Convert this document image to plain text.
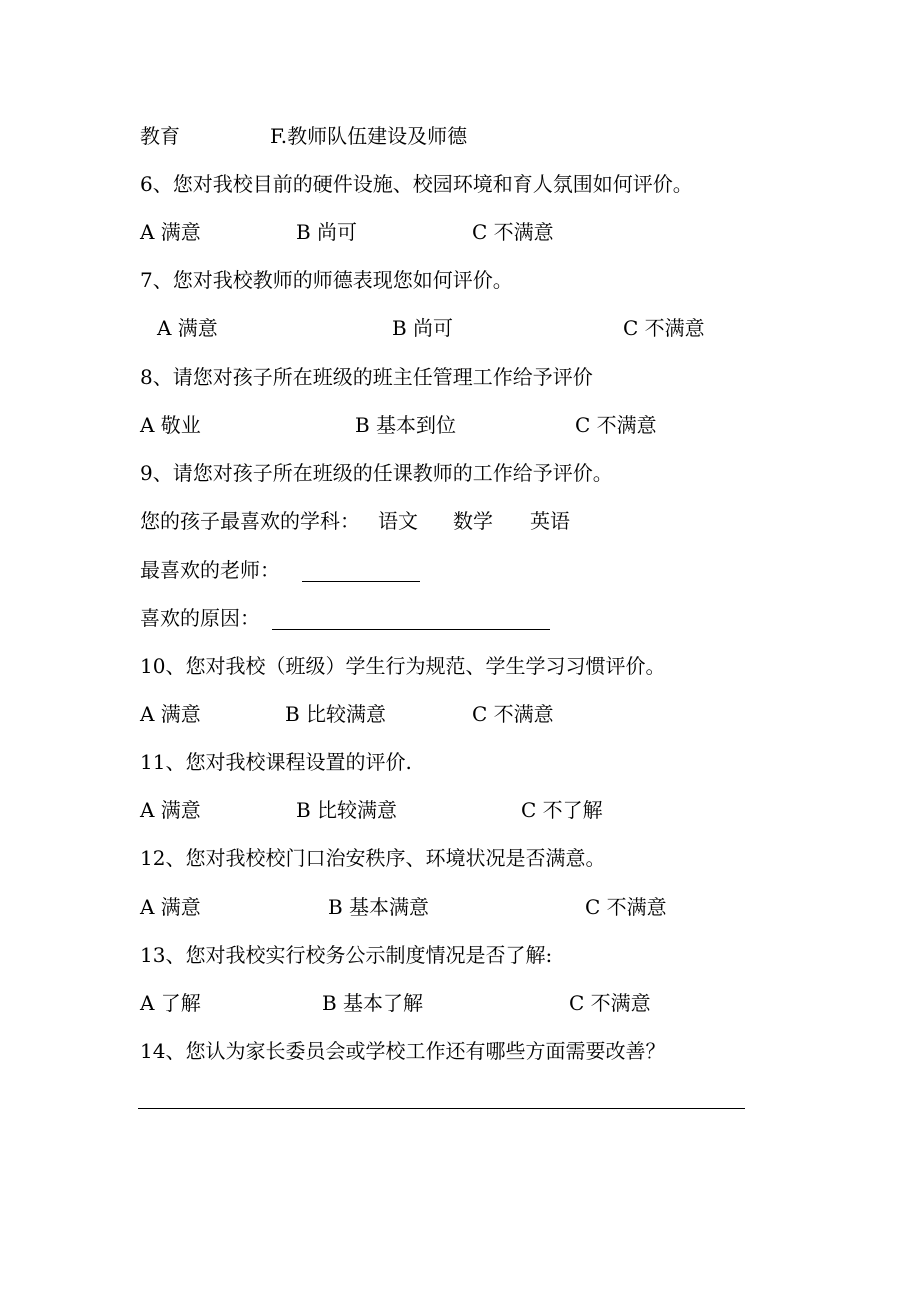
教育	F.教师队伍建设及师德
6、您对我校目前的硬件设施、校园环境和育人氛围如何评价。
A 满意	B 尚可	C 不满意
7、您对我校教师的师德表现您如何评价。
A 满意	B 尚可	C 不满意
8、请您对孩子所在班级的班主任管理工作给予评价
A 敬业	B 基本到位	C 不满意
9、请您对孩子所在班级的任课教师的工作给予评价。
您的孩子最喜欢的学科： 语文 数学 英语
最喜欢的老师：
喜欢的原因：
10、您对我校（班级）学生行为规范、学生学习习惯评价。
A 满意	B 比较满意	C 不满意
11、您对我校课程设置的评价.
A 满意	B 比较满意	C 不了解
12、您对我校校门口治安秩序、环境状况是否满意。
A 满意	B 基本满意	C 不满意
13、您对我校实行校务公示制度情况是否了解:
A 了解	B 基本了解	C 不满意
14、您认为家长委员会或学校工作还有哪些方面需要改善？
